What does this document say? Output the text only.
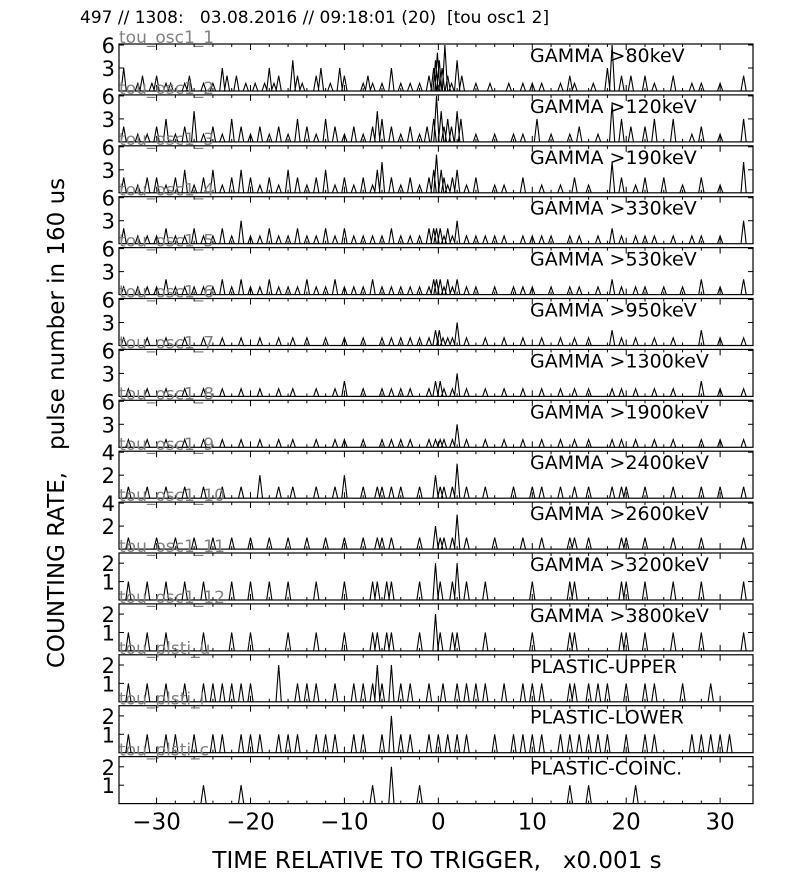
497 // 1308:   03.08.2016 // 09:18:01 (20)  [tou osc1 2]
COUNTING RATE,   pulse number in 160 us
TIME RELATIVE TO TRIGGER,   x0.001 s
3
6	GAMMA >80keV
tou_osc1_1
3
6	GAMMA >120keV
tou_osc1_2
3
6	GAMMA >190keV
tou_osc1_3
3
6	GAMMA >330keV
tou_osc1_4
3
6	GAMMA >530keV
tou_osc1_5
3
6	GAMMA >950keV
tou_osc1_6
3
6	GAMMA >1300keV
tou_osc1_7
3
6	GAMMA >1900keV
tou_osc1_8
2
4	GAMMA >2400keV
tou_osc1_9
2
4	GAMMA >2600keV
tou_osc1_10
1
2	GAMMA >3200keV
tou_osc1_11
1
2	GAMMA >3800keV
tou_osc1_12
1
2	PLASTIC-UPPER
tou_plsti_u
1
2	PLASTIC-LOWER
tou_plsti_l
1
2	PLASTIC-COINC.
tou_plsti_c
−30 −20 −10	0	10	20	30
